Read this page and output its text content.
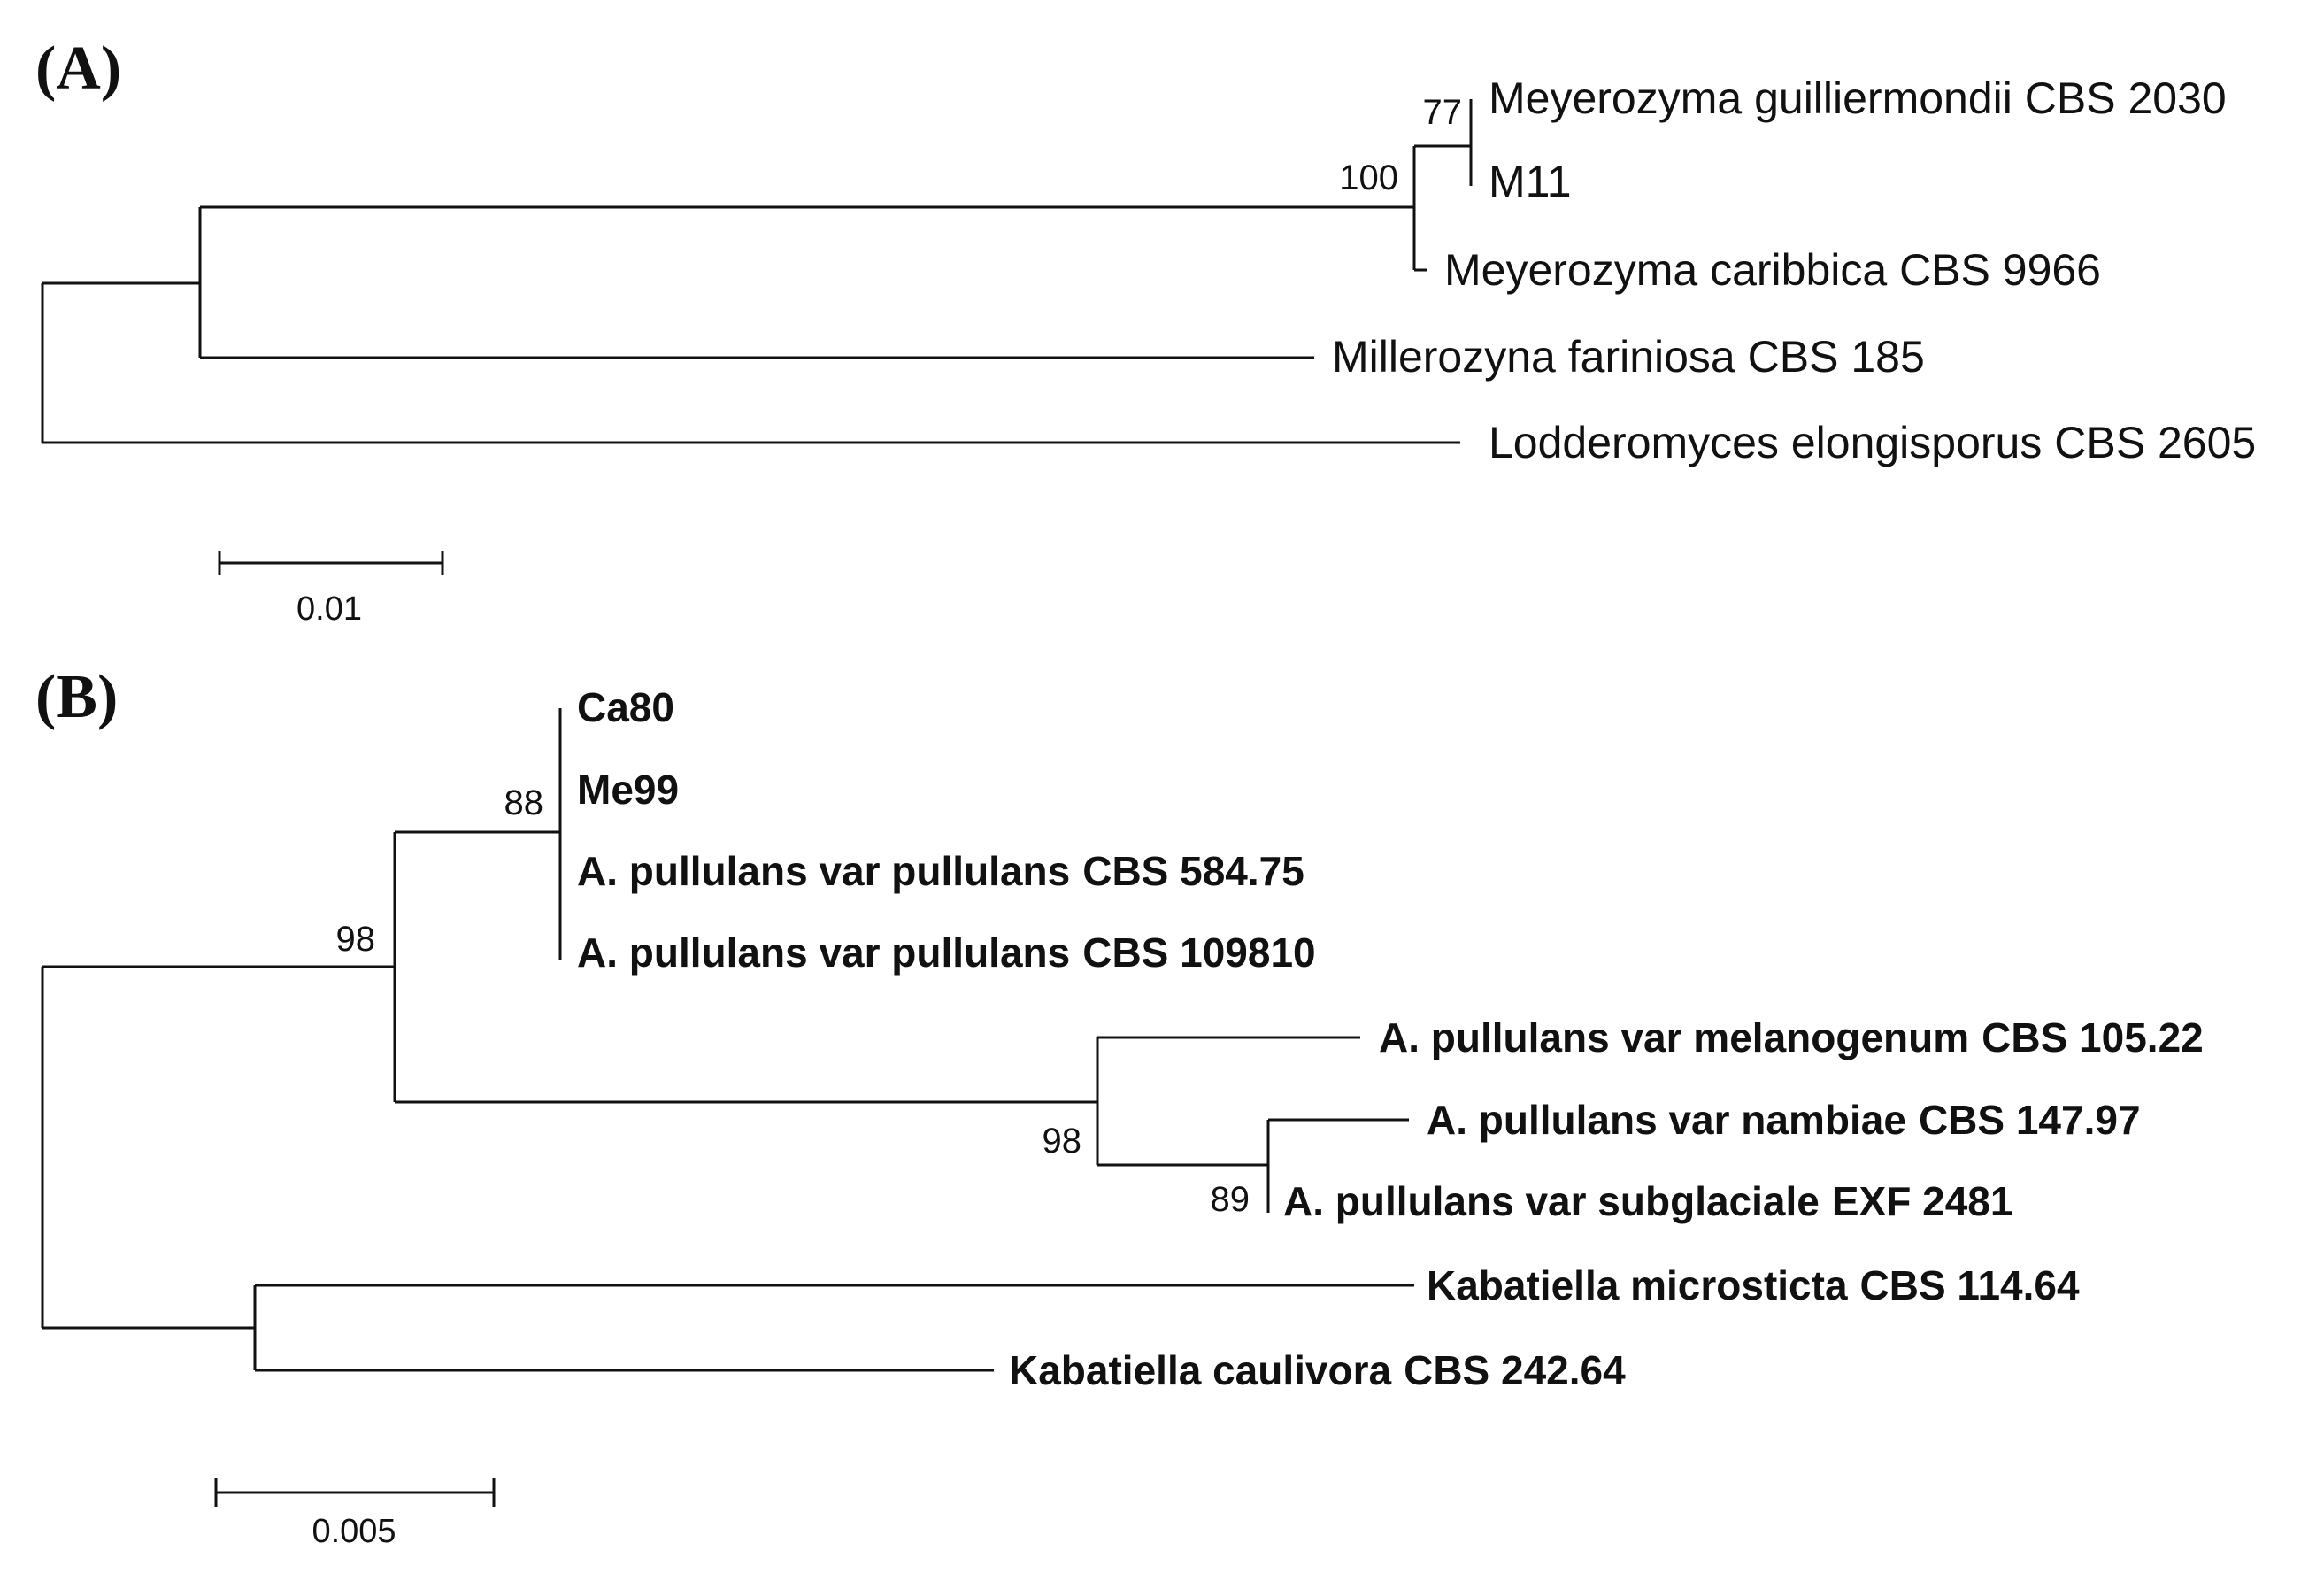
(A)
77
100
Meyerozyma guilliermondii CBS 2030
M11
Meyerozyma caribbica CBS 9966
Millerozyna fariniosa CBS 185
Lodderomyces elongisporus CBS 2605
0.01
(B)
88
98
98
89
Ca80
Me99
A. pullulans var pullulans CBS 584.75
A. pullulans var pullulans CBS 109810
A. pullulans var melanogenum CBS 105.22
A. pullulans var nambiae CBS 147.97
A. pullulans var subglaciale EXF 2481
Kabatiella microsticta CBS 114.64
Kabatiella caulivora CBS 242.64
0.005
